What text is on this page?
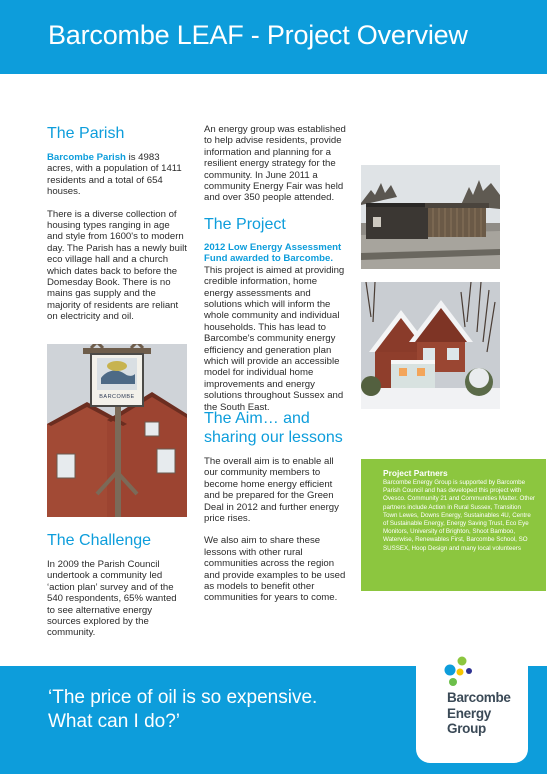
Barcombe LEAF - Project Overview
The Parish

Barcombe Parish is 4983 acres, with a population of 1411 residents and a total of 654 houses.

There is a diverse collection of housing types ranging in age and style from 1600's to modern day. The Parish has a newly built eco village hall and a church which dates back to before the Domesday Book. There is no mains gas supply and the majority of residents are reliant on electricity and oil.

The Challenge

In 2009 the Parish Council undertook a community led ‘action plan’ survey and of the 540 respondents, 65% wanted to see alternative energy sources explored by the community.

An energy group was established to help advise residents, provide information and planning for a resilient energy strategy for the community. In June 2011 a community Energy Fair was held and over 350 people attended.

The Project

2012 Low Energy Assessment Fund awarded to Barcombe.

This project is aimed at providing credible information, home energy assessments and solutions which will inform the whole community and individual households. This has lead to Barcombe's community energy efficiency and generation plan which will provide an accessible model for individual home improvements and energy solutions throughout Sussex and the South East.

The Aim… and
sharing our lessons

The overall aim is to enable all our community members to become home energy efficient and be prepared for the Green Deal in 2012 and further energy price rises.

We also aim to share these lessons with other rural communities across the region and provide examples to be used as models to benefit other communities for years to come.

BARCOMBE
Project Partners
Barcombe Energy Group is supported by Barcombe Parish Council and has developed this project with Ovesco. Community 21 and Communities Matter. Other partners include Action in Rural Sussex, Transition Town Lewes, Downs Energy, Sustainables 4U, Centre of Sustainable Energy, Energy Saving Trust, Eco Eye Monitors, University of Brighton, Shoot Bamboo, Waterwise, Renewables First, Barcombe School, SO SUSSEX, Hoop Design and many local volunteers
‘The price of oil is so expensive.
What can I do?’
Barcombe
Energy
Group
